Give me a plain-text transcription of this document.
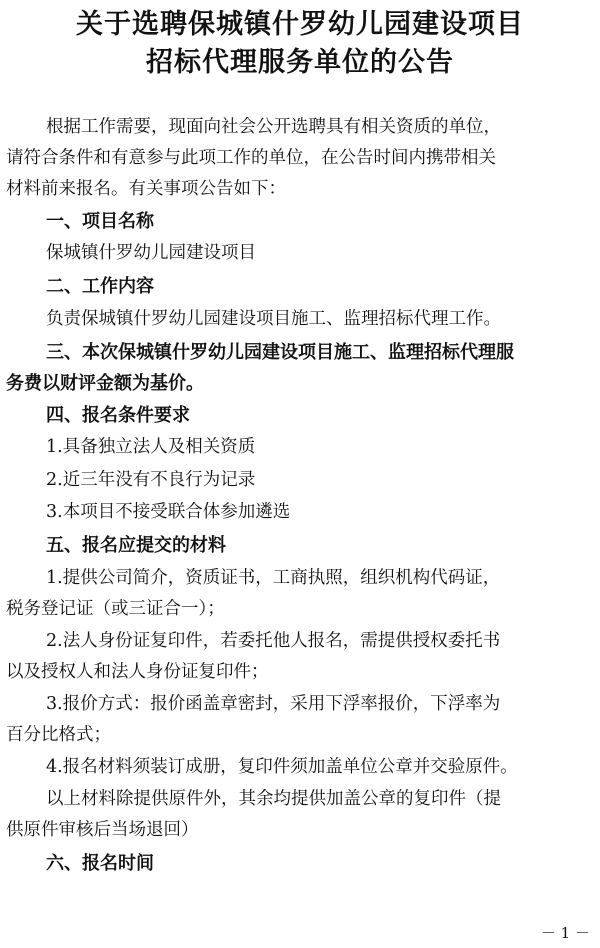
关于选聘保城镇什罗幼儿园建设项目
招标代理服务单位的公告

根据工作需要，现面向社会公开选聘具有相关资质的单位，

请符合条件和有意参与此项工作的单位，在公告时间内携带相关

材料前来报名。有关事项公告如下：

一、项目名称

保城镇什罗幼儿园建设项目

二、工作内容

负责保城镇什罗幼儿园建设项目施工、监理招标代理工作。

三、本次保城镇什罗幼儿园建设项目施工、监理招标代理服

务费以财评金额为基价。

四、报名条件要求

1.具备独立法人及相关资质

2.近三年没有不良行为记录

3.本项目不接受联合体参加遴选

五、报名应提交的材料

1.提供公司简介，资质证书，工商执照，组织机构代码证，

税务登记证（或三证合一）；

2.法人身份证复印件，若委托他人报名，需提供授权委托书

以及授权人和法人身份证复印件；

3.报价方式：报价函盖章密封，采用下浮率报价，下浮率为

百分比格式；

4.报名材料须装订成册，复印件须加盖单位公章并交验原件。

以上材料除提供原件外，其余均提供加盖公章的复印件（提

供原件审核后当场退回）

六、报名时间

－ 1 －
